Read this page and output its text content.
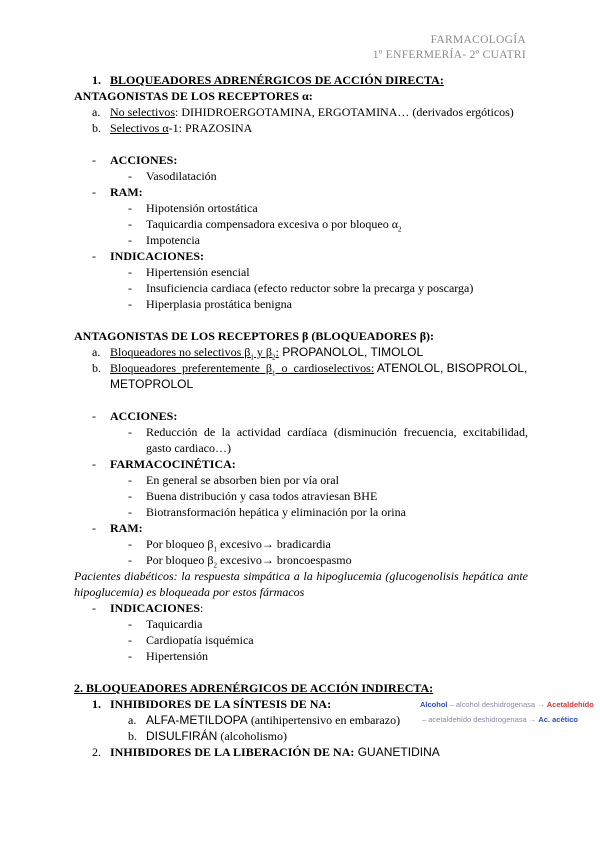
FARMACOLOGÍA
1º ENFERMERÍA- 2º CUATRI
1. BLOQUEADORES ADRENÉRGICOS DE ACCIÓN DIRECTA:
ANTAGONISTAS DE LOS RECEPTORES α:
a. No selectivos: DIHIDROERGOTAMINA, ERGOTAMINA… (derivados ergóticos)
b. Selectivos α-1: PRAZOSINA
- ACCIONES:
- Vasodilatación
- RAM:
- Hipotensión ortostática
- Taquicardia compensadora excesiva o por bloqueo $\alpha_2$
- Impotencia
- INDICACIONES:
- Hipertensión esencial
- Insuficiencia cardiaca (efecto reductor sobre la precarga y poscarga)
- Hiperplasia prostática benigna
ANTAGONISTAS DE LOS RECEPTORES β (BLOQUEADORES β):
a. Bloqueadores no selectivos $\beta_1$ y $\beta_2$: PROPANOLOL, TIMOLOL
b. Bloqueadores preferentemente $\beta_1$ o cardioselectivos: ATENOLOL, BISOPROLOL,
METOPROLOL
- ACCIONES:
- Reducción de la actividad cardíaca (disminución frecuencia, excitabilidad, gasto cardiaco…)
- FARMACOCINÉTICA:
- En general se absorben bien por vía oral
- Buena distribución y casa todos atraviesan BHE
- Biotransformación hepática y eliminación por la orina
- RAM:
- Por bloqueo $\beta_1$ excesivo→ bradicardia
- Por bloqueo $\beta_2$ excesivo→ broncoespasmo
Pacientes diabéticos: la respuesta simpática a la hipoglucemia (glucogenolisis hepática ante hipoglucemia) es bloqueada por estos fármacos
- INDICACIONES:
- Taquicardia
- Cardiopatía isquémica
- Hipertensión
2. BLOQUEADORES ADRENÉRGICOS DE ACCIÓN INDIRECTA:
1. INHIBIDORES DE LA SÍNTESIS DE NA:
a. ALFA-METILDOPA (antihipertensivo en embarazo)
b. DISULFIRÁN (alcoholismo)
2. INHIBIDORES DE LA LIBERACIÓN DE NA: GUANETIDINA
Alcohol – alcohol deshidrogenasa → Acetaldehído
– acetaldehído deshidrogenasa → Ac. acético
